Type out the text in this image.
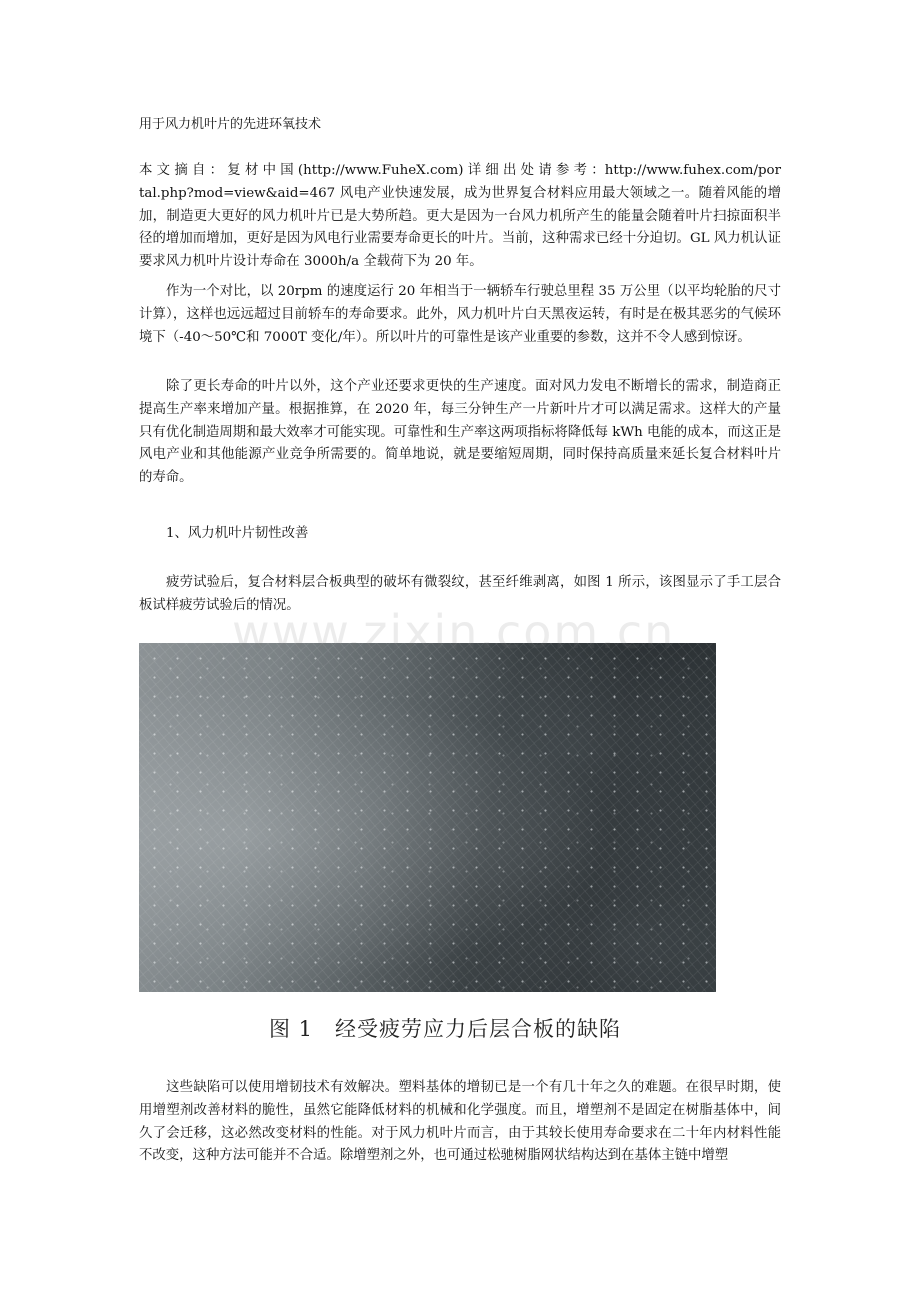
用于风力机叶片的先进环氧技术

本 文 摘 自 ： 复 材 中 国 (http://www.FuheX.com) 详 细 出 处 请 参 考 ：http://www.fuhex.com/portal.php?mod=view&aid=467 风电产业快速发展，成为世界复合材料应用最大领域之一。随着风能的增加，制造更大更好的风力机叶片已是大势所趋。更大是因为一台风力机所产生的能量会随着叶片扫掠面积半径的增加而增加，更好是因为风电行业需要寿命更长的叶片。当前，这种需求已经十分迫切。GL 风力机认证要求风力机叶片设计寿命在 3000h/a 全载荷下为 20 年。

作为一个对比，以 20rpm 的速度运行 20 年相当于一辆轿车行驶总里程 35 万公里（以平均轮胎的尺寸计算），这样也远远超过目前轿车的寿命要求。此外，风力机叶片白天黑夜运转，有时是在极其恶劣的气候环境下（-40～50℃和 7000T 变化/年）。所以叶片的可靠性是该产业重要的参数，这并不令人感到惊讶。

除了更长寿命的叶片以外，这个产业还要求更快的生产速度。面对风力发电不断增长的需求，制造商正提高生产率来增加产量。根据推算，在 2020 年，每三分钟生产一片新叶片才可以满足需求。这样大的产量只有优化制造周期和最大效率才可能实现。可靠性和生产率这两项指标将降低每 kWh 电能的成本，而这正是风电产业和其他能源产业竞争所需要的。简单地说，就是要缩短周期，同时保持高质量来延长复合材料叶片的寿命。

1、风力机叶片韧性改善

疲劳试验后，复合材料层合板典型的破坏有微裂纹，甚至纤维剥离，如图 1 所示，该图显示了手工层合板试样疲劳试验后的情况。

图 1　经受疲劳应力后层合板的缺陷

这些缺陷可以使用增韧技术有效解决。塑料基体的增韧已是一个有几十年之久的难题。在很早时期，使用增塑剂改善材料的脆性，虽然它能降低材料的机械和化学强度。而且，增塑剂不是固定在树脂基体中，间久了会迁移，这必然改变材料的性能。对于风力机叶片而言，由于其较长使用寿命要求在二十年内材料性能不改变，这种方法可能并不合适。除增塑剂之外，也可通过松驰树脂网状结构达到在基体主链中增塑

www.zixin.com.cn
